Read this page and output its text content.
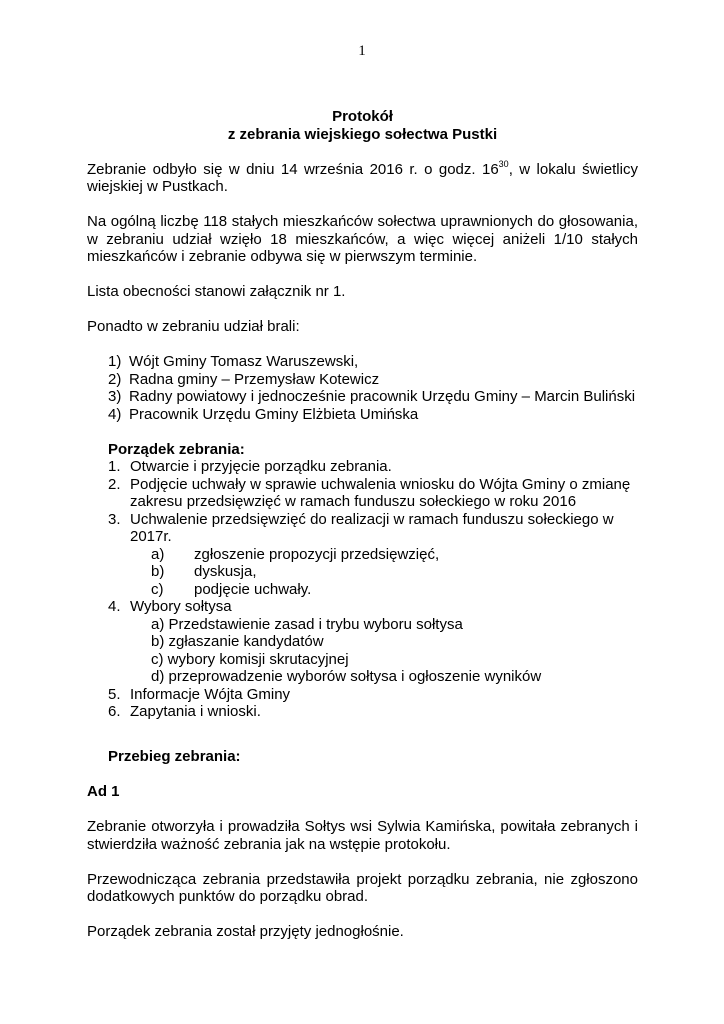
1

Protokół

z zebrania wiejskiego sołectwa Pustki

Zebranie odbyło się w dniu 14 września 2016 r. o godz. $16^{30}$, w lokalu świetlicy wiejskiej w Pustkach.

Na ogólną liczbę 118 stałych mieszkańców sołectwa uprawnionych do głosowania, w zebraniu udział wzięło 18 mieszkańców, a więc więcej aniżeli 1/10 stałych mieszkańców i zebranie odbywa się w pierwszym terminie.

Lista obecności stanowi załącznik nr 1.

Ponadto w zebraniu udział brali:

1) Wójt Gminy Tomasz Waruszewski,
2) Radna gminy – Przemysław Kotewicz
3) Radny powiatowy i jednocześnie pracownik Urzędu Gminy – Marcin Buliński
4) Pracownik Urzędu Gminy Elżbieta Umińska

Porządek zebrania:

1. Otwarcie i przyjęcie porządku zebrania.
2. Podjęcie uchwały w sprawie uchwalenia wniosku do Wójta Gminy o zmianę zakresu przedsięwzięć w ramach funduszu sołeckiego w roku 2016
3. Uchwalenie przedsięwzięć do realizacji w ramach funduszu sołeckiego w 2017r.
a)	zgłoszenie propozycji przedsięwzięć,
b)	dyskusja,
c)	podjęcie uchwały.
4. Wybory sołtysa
a) Przedstawienie zasad i trybu wyboru sołtysa
b) zgłaszanie kandydatów
c) wybory komisji skrutacyjnej
d) przeprowadzenie wyborów sołtysa i ogłoszenie wyników
5. Informacje Wójta Gminy
6. Zapytania i wnioski.

Przebieg zebrania:

Ad 1

Zebranie otworzyła i prowadziła Sołtys wsi Sylwia Kamińska, powitała zebranych i stwierdziła ważność zebrania jak na wstępie protokołu.

Przewodnicząca zebrania przedstawiła projekt porządku zebrania, nie zgłoszono dodatkowych punktów do porządku obrad.

Porządek zebrania został przyjęty jednogłośnie.
